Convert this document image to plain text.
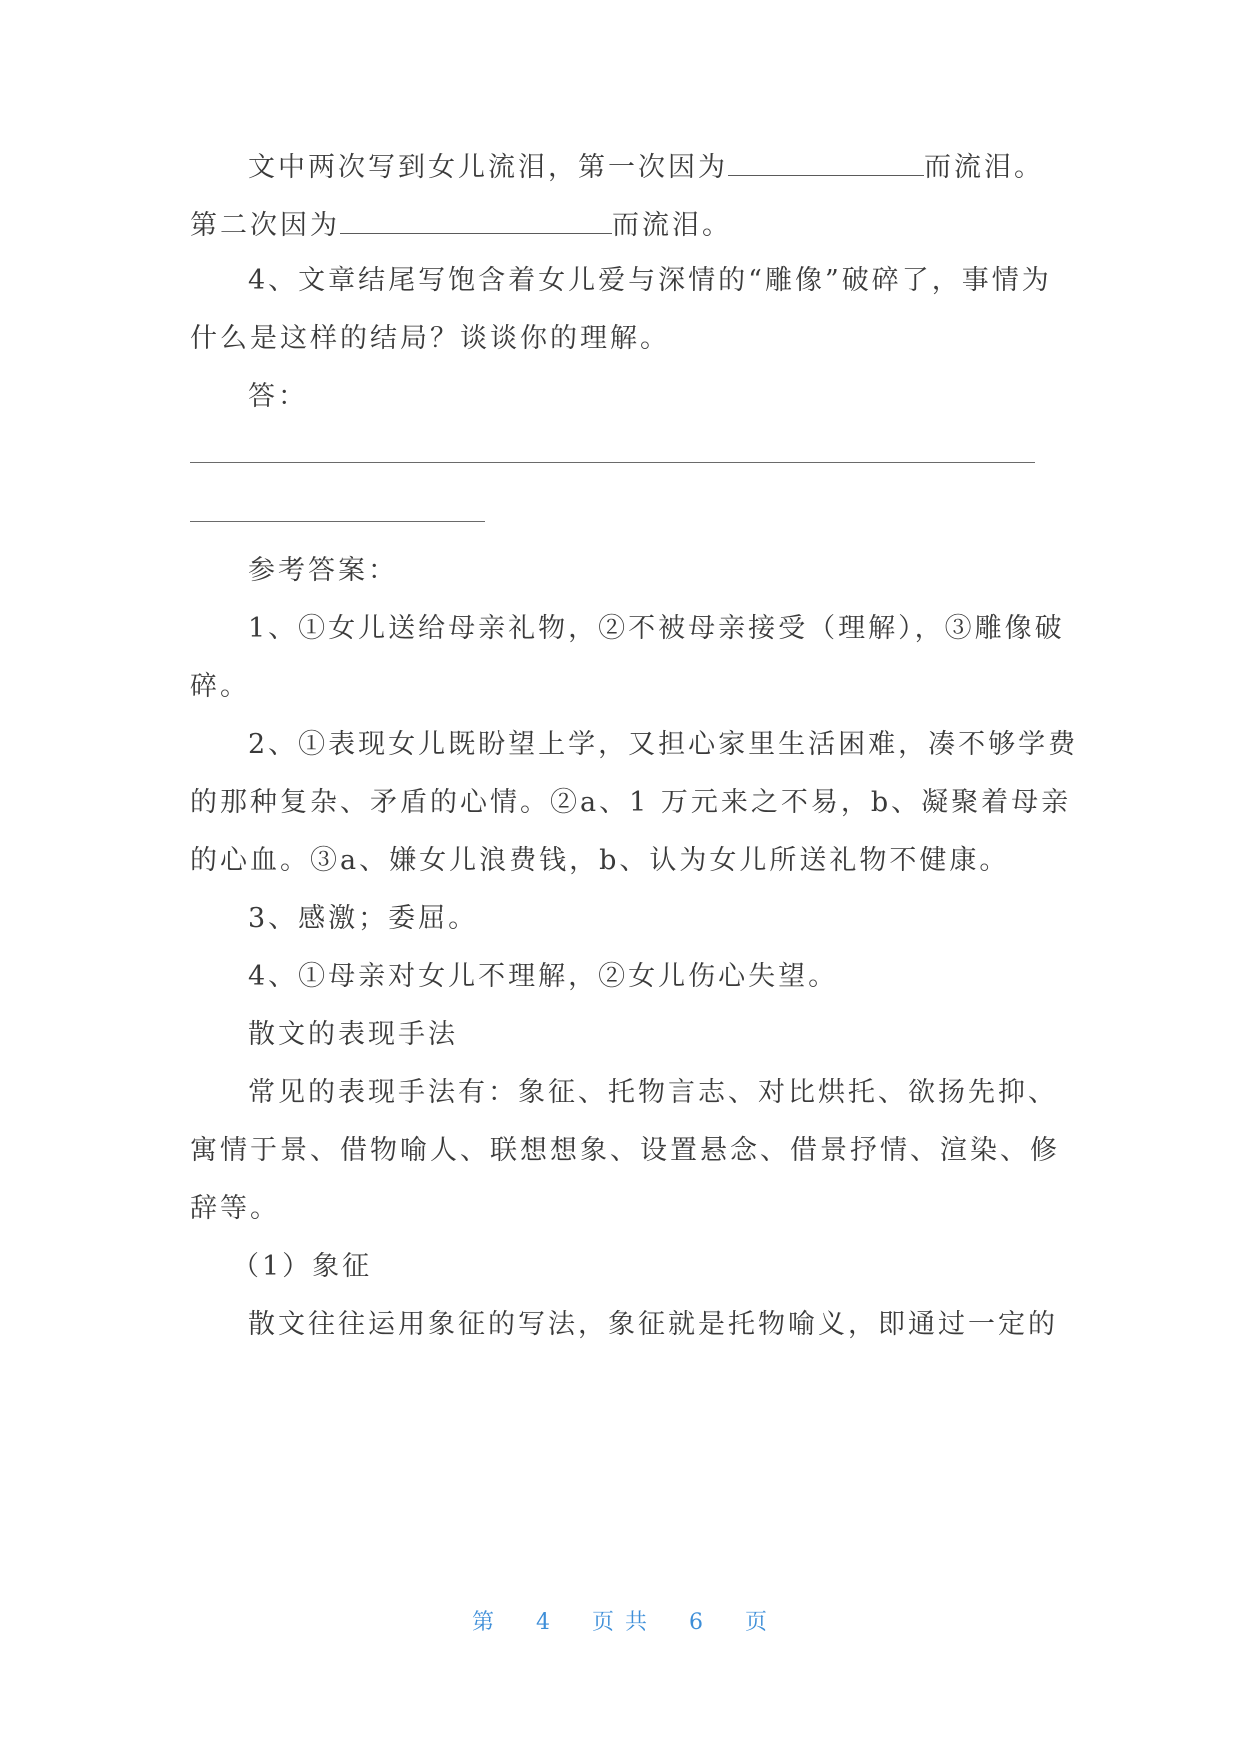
文中两次写到女儿流泪，第一次因为	而流泪。
第二次因为	而流泪。
4、文章结尾写饱含着女儿爱与深情的“雕像”破碎了，事情为
什么是这样的结局？谈谈你的理解。
答：
参考答案：
1、①女儿送给母亲礼物，②不被母亲接受（理解），③雕像破
碎。
2、①表现女儿既盼望上学，又担心家里生活困难，凑不够学费
的那种复杂、矛盾的心情。②a、1 万元来之不易，b、凝聚着母亲
的心血。③a、嫌女儿浪费钱，b、认为女儿所送礼物不健康。
3、感激；委屈。
4、①母亲对女儿不理解，②女儿伤心失望。
散文的表现手法
常见的表现手法有：象征、托物言志、对比烘托、欲扬先抑、
寓情于景、借物喻人、联想想象、设置悬念、借景抒情、渲染、修
辞等。
（1）象征
散文往往运用象征的写法，象征就是托物喻义，即通过一定的
第 4 页 共 6 页
